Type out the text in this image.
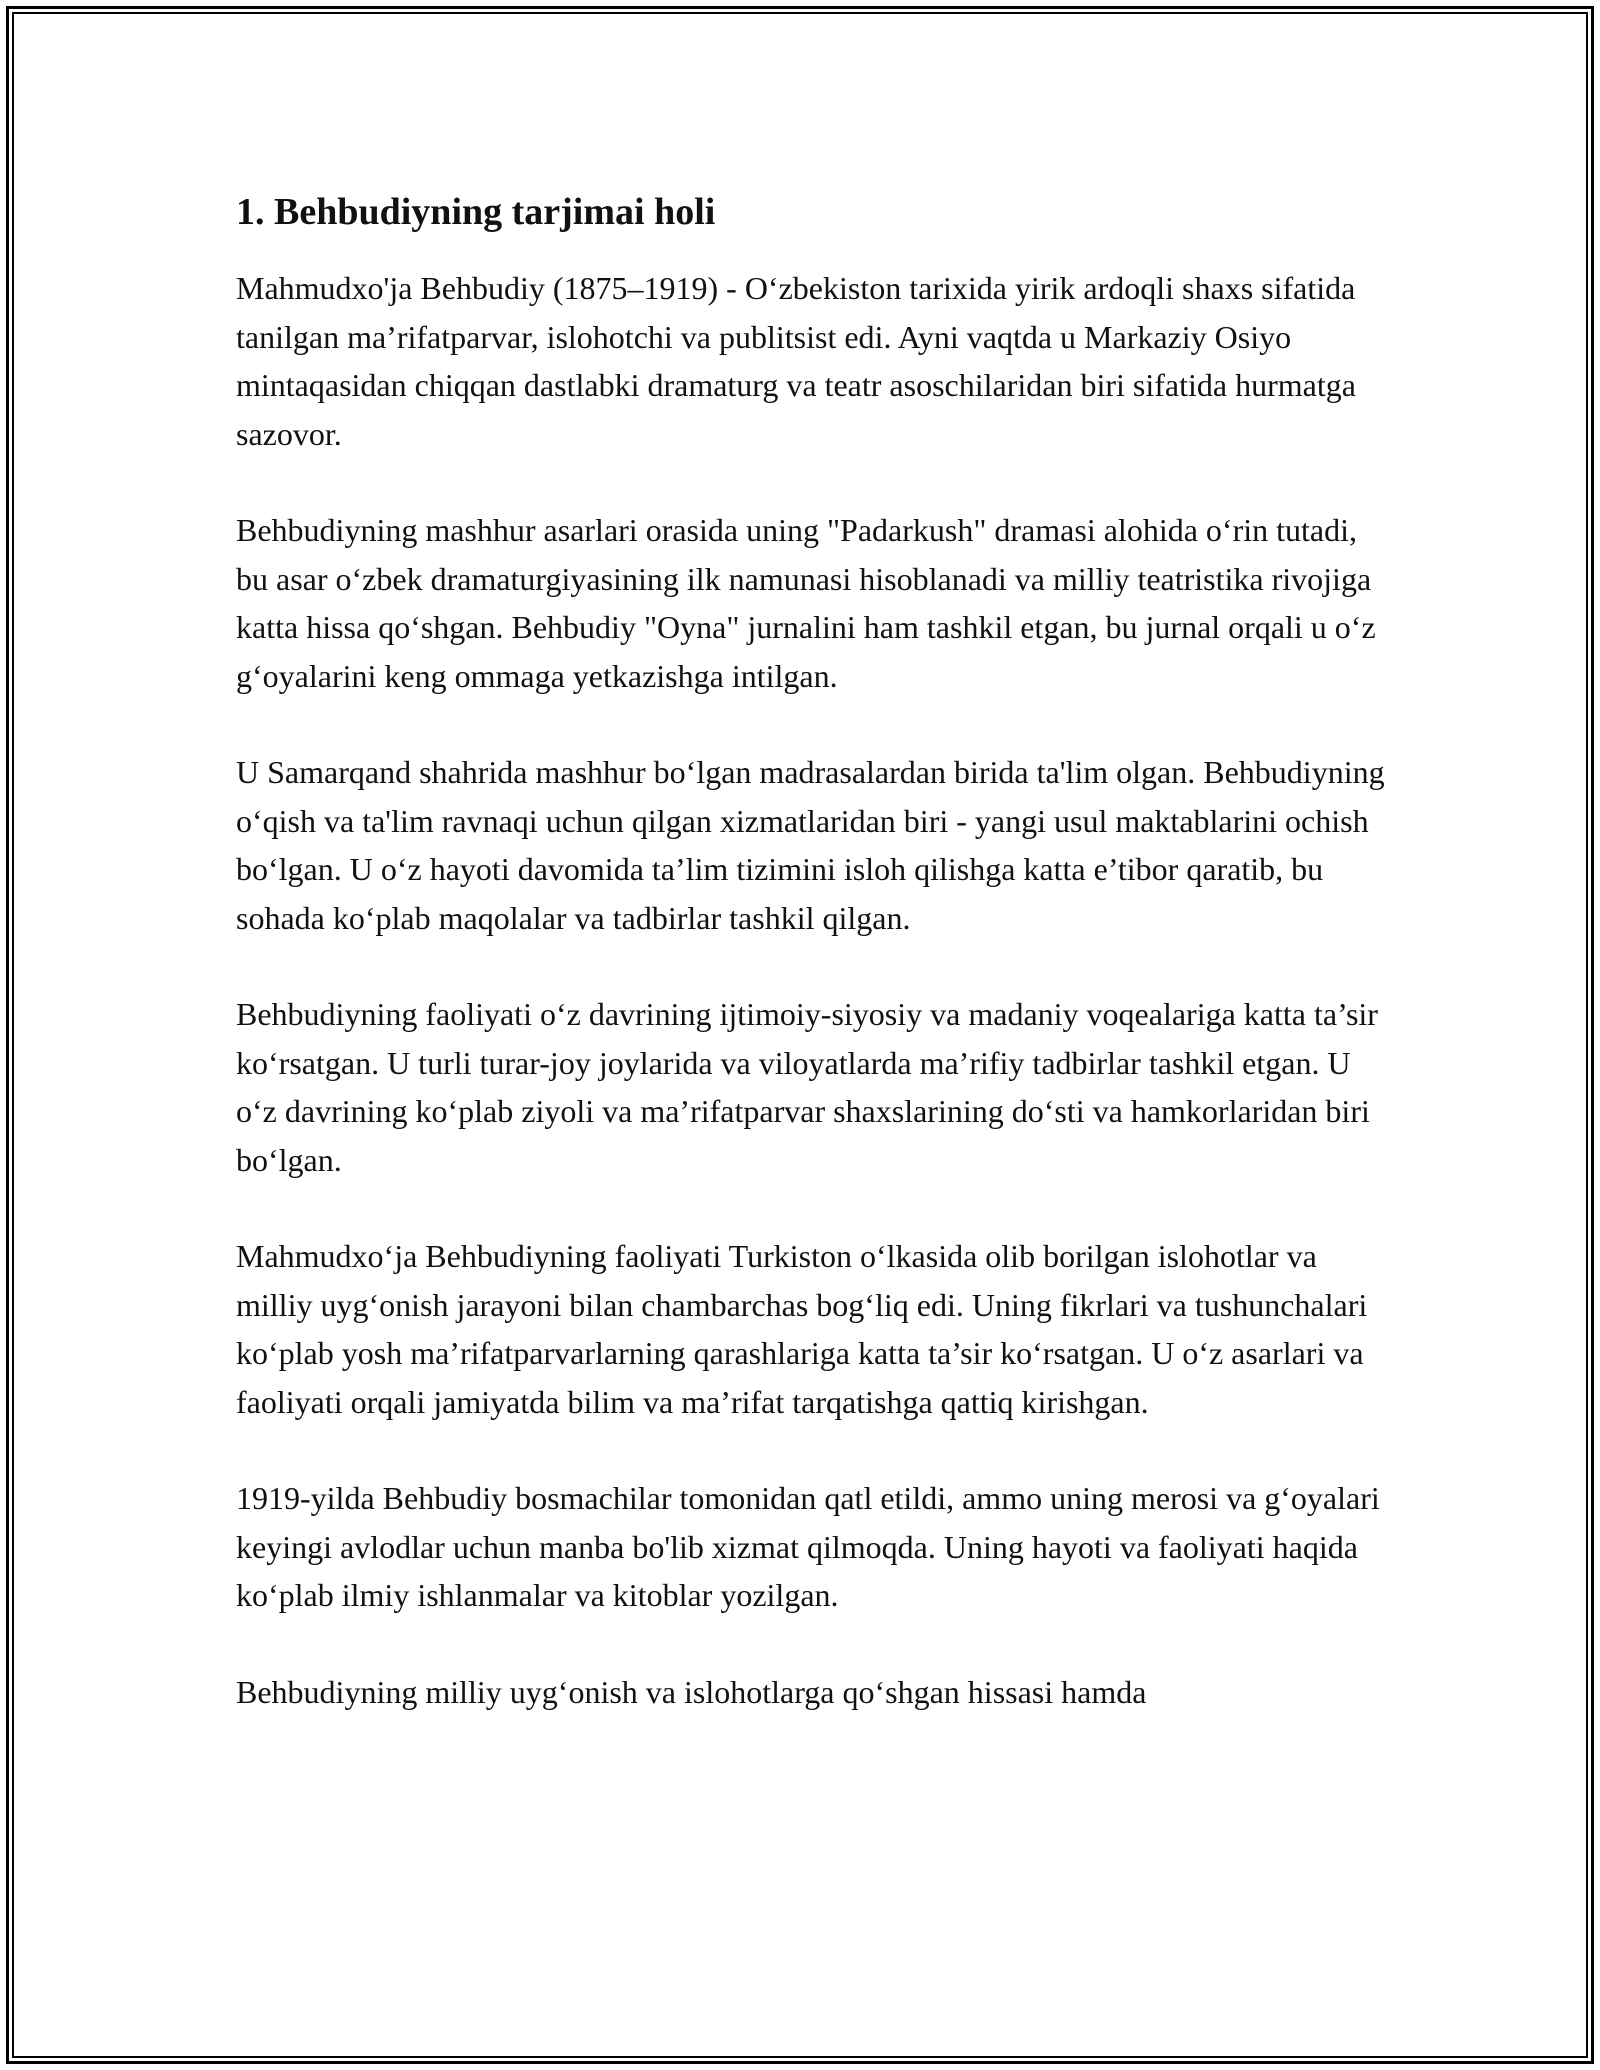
1. Behbudiyning tarjimai holi

Mahmudxo'ja Behbudiy (1875–1919) - O‘zbekiston tarixida yirik ardoqli shaxs sifatida tanilgan ma’rifatparvar, islohotchi va publitsist edi. Ayni vaqtda u Markaziy Osiyo mintaqasidan chiqqan dastlabki dramaturg va teatr asoschilaridan biri sifatida hurmatga sazovor.

Behbudiyning mashhur asarlari orasida uning "Padarkush" dramasi alohida o‘rin tutadi, bu asar o‘zbek dramaturgiyasining ilk namunasi hisoblanadi va milliy teatristika rivojiga katta hissa qo‘shgan. Behbudiy "Oyna" jurnalini ham tashkil etgan, bu jurnal orqali u o‘z g‘oyalarini keng ommaga yetkazishga intilgan.

U Samarqand shahrida mashhur bo‘lgan madrasalardan birida ta'lim olgan. Behbudiyning o‘qish va ta'lim ravnaqi uchun qilgan xizmatlaridan biri - yangi usul maktablarini ochish bo‘lgan. U o‘z hayoti davomida ta’lim tizimini isloh qilishga katta e’tibor qaratib, bu sohada ko‘plab maqolalar va tadbirlar tashkil qilgan.

Behbudiyning faoliyati o‘z davrining ijtimoiy-siyosiy va madaniy voqealariga katta ta’sir ko‘rsatgan. U turli turar-joy joylarida va viloyatlarda ma’rifiy tadbirlar tashkil etgan. U o‘z davrining ko‘plab ziyoli va ma’rifatparvar shaxslarining do‘sti va hamkorlaridan biri bo‘lgan.

Mahmudxo‘ja Behbudiyning faoliyati Turkiston o‘lkasida olib borilgan islohotlar va milliy uyg‘onish jarayoni bilan chambarchas bog‘liq edi. Uning fikrlari va tushunchalari ko‘plab yosh ma’rifatparvarlarning qarashlariga katta ta’sir ko‘rsatgan. U o‘z asarlari va faoliyati orqali jamiyatda bilim va ma’rifat tarqatishga qattiq kirishgan.

1919-yilda Behbudiy bosmachilar tomonidan qatl etildi, ammo uning merosi va g‘oyalari keyingi avlodlar uchun manba bo'lib xizmat qilmoqda. Uning hayoti va faoliyati haqida ko‘plab ilmiy ishlanmalar va kitoblar yozilgan.

Behbudiyning milliy uyg‘onish va islohotlarga qo‘shgan hissasi hamda
